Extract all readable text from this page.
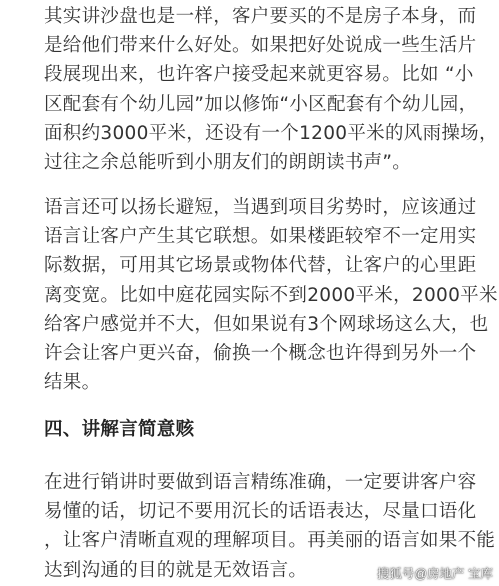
其实讲沙盘也是一样，客户要买的不是房子本身，而
是给他们带来什么好处。如果把好处说成一些生活片
段展现出来，也许客户接受起来就更容易。比如 “小
区配套有个幼儿园”加以修饰“小区配套有个幼儿园，
面积约3000平米，还设有一个1200平米的风雨操场，
过往之余总能听到小朋友们的朗朗读书声”。
语言还可以扬长避短，当遇到项目劣势时，应该通过
语言让客户产生其它联想。如果楼距较窄不一定用实
际数据，可用其它场景或物体代替，让客户的心里距
离变宽。比如中庭花园实际不到2000平米，2000平米
给客户感觉并不大，但如果说有3个网球场这么大，也
许会让客户更兴奋，偷换一个概念也许得到另外一个
结果。
四、讲解言简意赅
在进行销讲时要做到语言精练准确，一定要讲客户容
易懂的话，切记不要用沉长的话语表达，尽量口语化
，让客户清晰直观的理解项目。再美丽的语言如果不能
达到沟通的目的就是无效语言。	搜狐号@房地产 宝库
